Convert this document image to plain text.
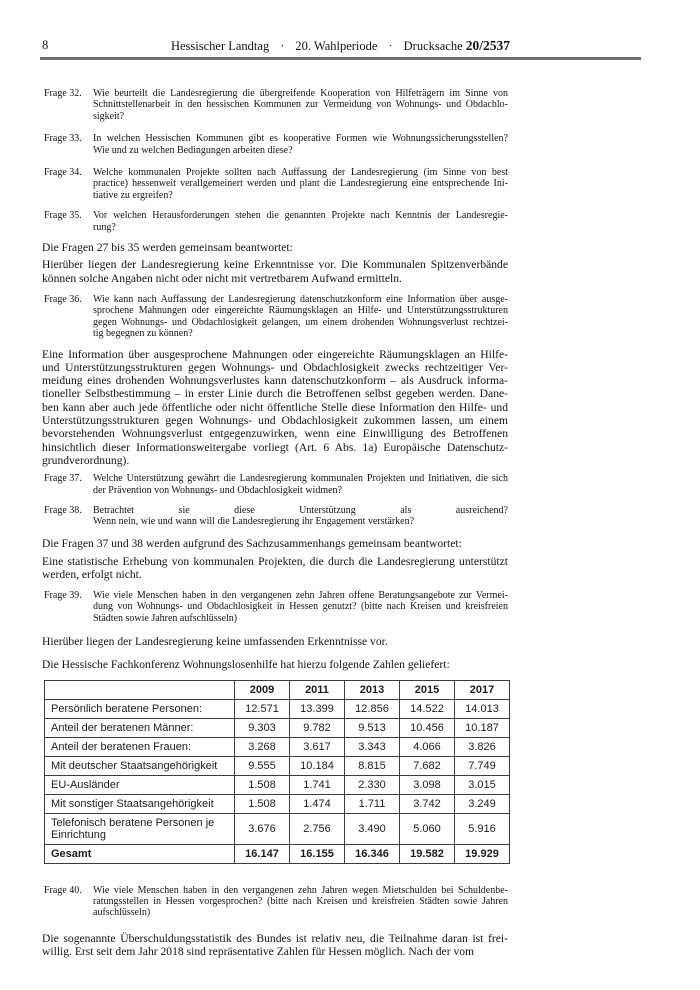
8	Hessischer Landtag · 20. Wahlperiode · Drucksache 20/2537
Frage 32. Wie beurteilt die Landesregierung die übergreifende Kooperation von Hilfeträgern im Sinne von
Schnittstellenarbeit in den hessischen Kommunen zur Vermeidung von Wohnungs- und Obdachlo-
sigkeit?
Frage 33. In welchen Hessischen Kommunen gibt es kooperative Formen wie Wohnungssicherungsstellen?
Wie und zu welchen Bedingungen arbeiten diese?
Frage 34. Welche kommunalen Projekte sollten nach Auffassung der Landesregierung (im Sinne von best
practice) hessenweit verallgemeinert werden und plant die Landesregierung eine entsprechende Ini-
tiative zu ergreifen?
Frage 35. Vor welchen Herausforderungen stehen die genannten Projekte nach Kenntnis der Landesregie-
rung?
Die Fragen 27 bis 35 werden gemeinsam beantwortet:
Hierüber liegen der Landesregierung keine Erkenntnisse vor. Die Kommunalen Spitzenverbände
können solche Angaben nicht oder nicht mit vertretbarem Aufwand ermitteln.
Frage 36. Wie kann nach Auffassung der Landesregierung datenschutzkonform eine Information über ausge-
sprochene Mahnungen oder eingereichte Räumungsklagen an Hilfe- und Unterstützungsstrukturen
gegen Wohnungs- und Obdachlosigkeit gelangen, um einem drohenden Wohnungsverlust rechtzei-
tig begegnen zu können?
Eine Information über ausgesprochene Mahnungen oder eingereichte Räumungsklagen an Hilfe-
und Unterstützungsstrukturen gegen Wohnungs- und Obdachlosigkeit zwecks rechtzeitiger Ver-
meidung eines drohenden Wohnungsverlustes kann datenschutzkonform – als Ausdruck informa-
tioneller Selbstbestimmung – in erster Linie durch die Betroffenen selbst gegeben werden. Dane-
ben kann aber auch jede öffentliche oder nicht öffentliche Stelle diese Information den Hilfe- und
Unterstützungsstrukturen gegen Wohnungs- und Obdachlosigkeit zukommen lassen, um einem
bevorstehenden Wohnungsverlust entgegenzuwirken, wenn eine Einwilligung des Betroffenen
hinsichtlich dieser Informationsweitergabe vorliegt (Art. 6 Abs. 1a) Europäische Datenschutz-
grundverordnung).
Frage 37. Welche Unterstützung gewährt die Landesregierung kommunalen Projekten und Initiativen, die sich
der Prävention von Wohnungs- und Obdachlosigkeit widmen?
Frage 38. Betrachtet sie diese Unterstützung als ausreichend?
Wenn nein, wie und wann will die Landesregierung ihr Engagement verstärken?
Die Fragen 37 und 38 werden aufgrund des Sachzusammenhangs gemeinsam beantwortet:
Eine statistische Erhebung von kommunalen Projekten, die durch die Landesregierung unterstützt
werden, erfolgt nicht.
Frage 39. Wie viele Menschen haben in den vergangenen zehn Jahren offene Beratungsangebote zur Vermei-
dung von Wohnungs- und Obdachlosigkeit in Hessen genutzt? (bitte nach Kreisen und kreisfreien
Städten sowie Jahren aufschlüsseln)
Hierüber liegen der Landesregierung keine umfassenden Erkenntnisse vor.
Die Hessische Fachkonferenz Wohnungslosenhilfe hat hierzu folgende Zahlen geliefert:
	2009	2011	2013	2015	2017
Persönlich beratene Personen:	12.571	13.399	12.856	14.522	14.013
Anteil der beratenen Männer:	9.303	9.782	9.513	10.456	10.187
Anteil der beratenen Frauen:	3.268	3.617	3.343	4.066	3.826
Mit deutscher Staatsangehörigkeit	9.555	10.184	8.815	7.682	7.749
EU-Ausländer	1.508	1.741	2.330	3.098	3.015
Mit sonstiger Staatsangehörigkeit	1.508	1.474	1.711	3.742	3.249
Telefonisch beratene Personen je
Einrichtung	3.676	2.756	3.490	5.060	5.916
Gesamt	16.147	16.155	16.346	19.582	19.929
Frage 40. Wie viele Menschen haben in den vergangenen zehn Jahren wegen Mietschulden bei Schuldenbe-
ratungsstellen in Hessen vorgesprochen? (bitte nach Kreisen und kreisfreien Städten sowie Jahren
aufschlüsseln)
Die sogenannte Überschuldungsstatistik des Bundes ist relativ neu, die Teilnahme daran ist frei-
willig. Erst seit dem Jahr 2018 sind repräsentative Zahlen für Hessen möglich. Nach der vom
